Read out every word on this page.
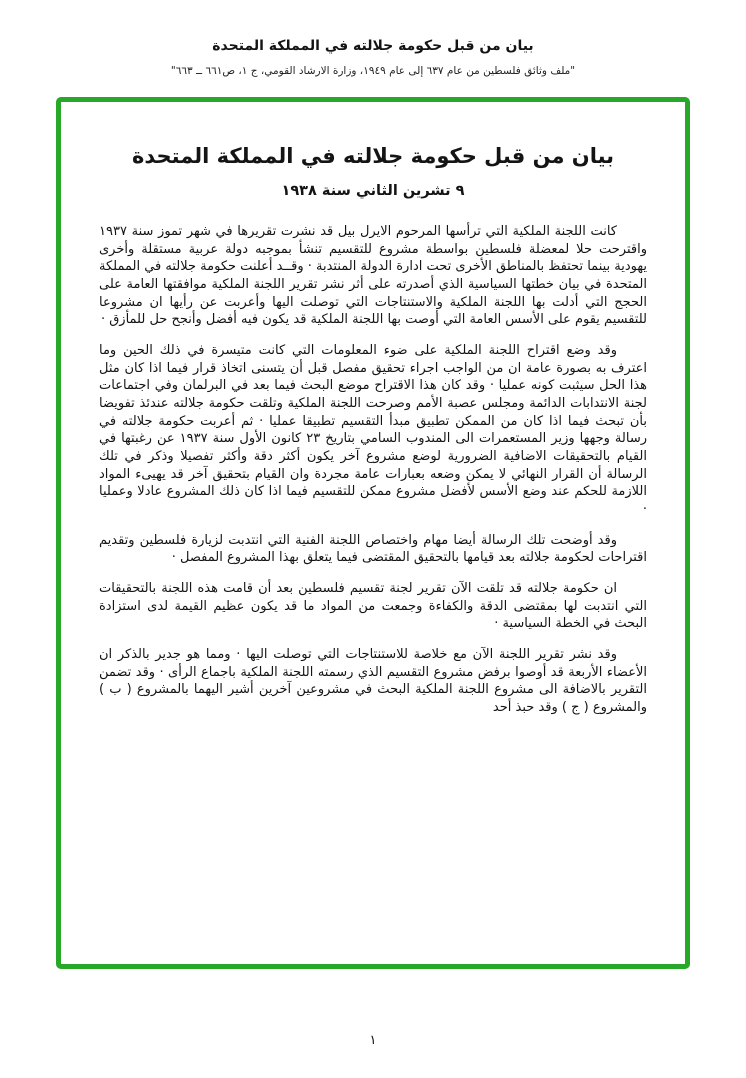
بيان من قبل حكومة جلالته في المملكة المتحدة
"ملف وثائق فلسطين من عام ٦٣٧ إلى عام ١٩٤٩، وزارة الارشاد القومي، ج ١، ص٦٦١ ــ ٦٦٣"
بيان من قبل حكومة جلالته في المملكة المتحدة
٩ تشرين الثاني سنة ١٩٣٨

كانت اللجنة الملكية التي ترأسها المرحوم الايرل بيل قد نشرت تقريرها في شهر تموز سنة ١٩٣٧ واقترحت حلا لمعضلة فلسطين بواسطة مشروع للتقسيم تنشأ بموجبه دولة عربية مستقلة وأخرى يهودية بينما تحتفظ بالمناطق الأخرى تحت ادارة الدولة المنتدبة · وقــد أعلنت حكومة جلالته في المملكة المتحدة في بيان خطتها السياسية الذي أصدرته على أثر نشر تقرير اللجنة الملكية موافقتها العامة على الحجج التي أدلت بها اللجنة الملكية والاستنتاجات التي توصلت اليها وأعربت عن رأيها ان مشروعا للتقسيم يقوم على الأسس العامة التي أوصت بها اللجنة الملكية قد يكون فيه أفضل وأنجح حل للمأزق ·

وقد وضع اقتراح اللجنة الملكية على ضوء المعلومات التي كانت متيسرة في ذلك الحين وما اعترف به بصورة عامة ان من الواجب اجراء تحقيق مفصل قبل أن يتسنى اتخاذ قرار فيما اذا كان مثل هذا الحل سيثبت كونه عمليا · وقد كان هذا الاقتراح موضع البحث فيما بعد في البرلمان وفي اجتماعات لجنة الانتدابات الدائمة ومجلس عصبة الأمم وصرحت اللجنة الملكية وتلقت حكومة جلالته عندئذ تفويضا بأن تبحث فيما اذا كان من الممكن تطبيق مبدأ التقسيم تطبيقا عمليا · ثم أعربت حكومة جلالته في رسالة وجهها وزير المستعمرات الى المندوب السامي بتاريخ ٢٣ كانون الأول سنة ١٩٣٧ عن رغبتها في القيام بالتحقيقات الاضافية الضرورية لوضع مشروع آخر يكون أكثر دقة وأكثر تفصيلا وذكر في تلك الرسالة أن القرار النهائي لا يمكن وضعه بعبارات عامة مجردة وان القيام بتحقيق آخر قد يهيىء المواد اللازمة للحكم عند وضع الأسس لأفضل مشروع ممكن للتقسيم فيما اذا كان ذلك المشروع عادلا وعمليا ·

وقد أوضحت تلك الرسالة أيضا مهام واختصاص اللجنة الفنية التي انتدبت لزيارة فلسطين وتقديم اقتراحات لحكومة جلالته بعد قيامها بالتحقيق المقتضى فيما يتعلق بهذا المشروع المفصل ·

ان حكومة جلالته قد تلقت الآن تقرير لجنة تقسيم فلسطين بعد أن قامت هذه اللجنة بالتحقيقات التي انتدبت لها بمقتضى الدقة والكفاءة وجمعت من المواد ما قد يكون عظيم القيمة لدى استزادة البحث في الخطة السياسية ·

وقد نشر تقرير اللجنة الآن مع خلاصة للاستنتاجات التي توصلت اليها · ومما هو جدير بالذكر ان الأعضاء الأربعة قد أوصوا برفض مشروع التقسيم الذي رسمته اللجنة الملكية باجماع الرأى · وقد تضمن التقرير بالاضافة الى مشروع اللجنة الملكية البحث في مشروعين آخرين أشير اليهما بالمشروع ( ب ) والمشروع ( ج ) وقد حبذ أحد

١
